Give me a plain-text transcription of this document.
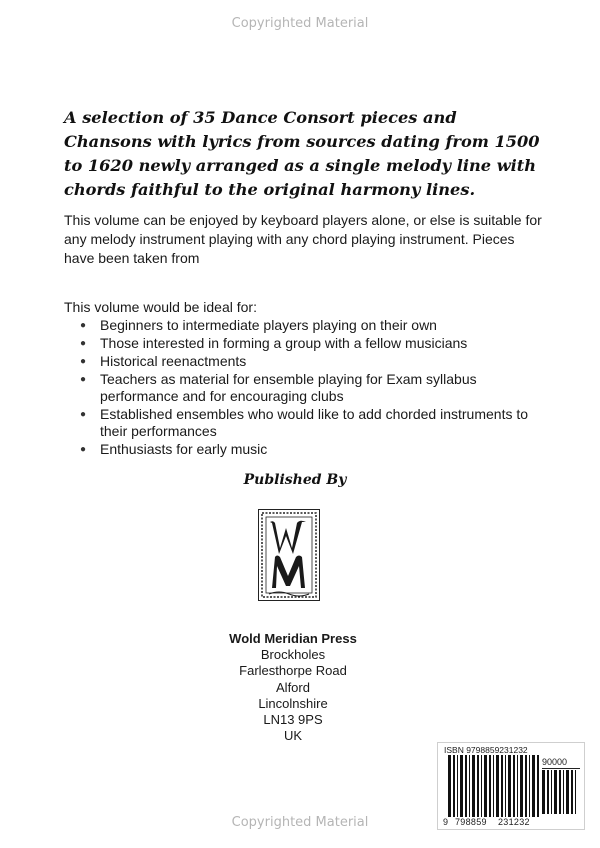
Copyrighted Material

A selection of 35 Dance Consort pieces and Chansons with lyrics from sources dating from 1500 to 1620 newly arranged as a single melody line with chords faithful to the original harmony lines.

This volume can be enjoyed by keyboard players alone, or else is suitable for any melody instrument playing with any chord playing instrument. Pieces have been taken from

This volume would be ideal for:

● Beginners to intermediate players playing on their own
● Those interested in forming a group with a fellow musicians
● Historical reenactments
● Teachers as material for ensemble playing for Exam syllabus performance and for encouraging clubs
● Established ensembles who would like to add chorded instruments to their performances
● Enthusiasts for early music
Published By
Wold Meridian Press
Brockholes
Farlesthorpe Road
Alford
Lincolnshire
LN13 9PS
UK
ISBN 9798859231232
90000
9 798859 231232
Copyrighted Material
